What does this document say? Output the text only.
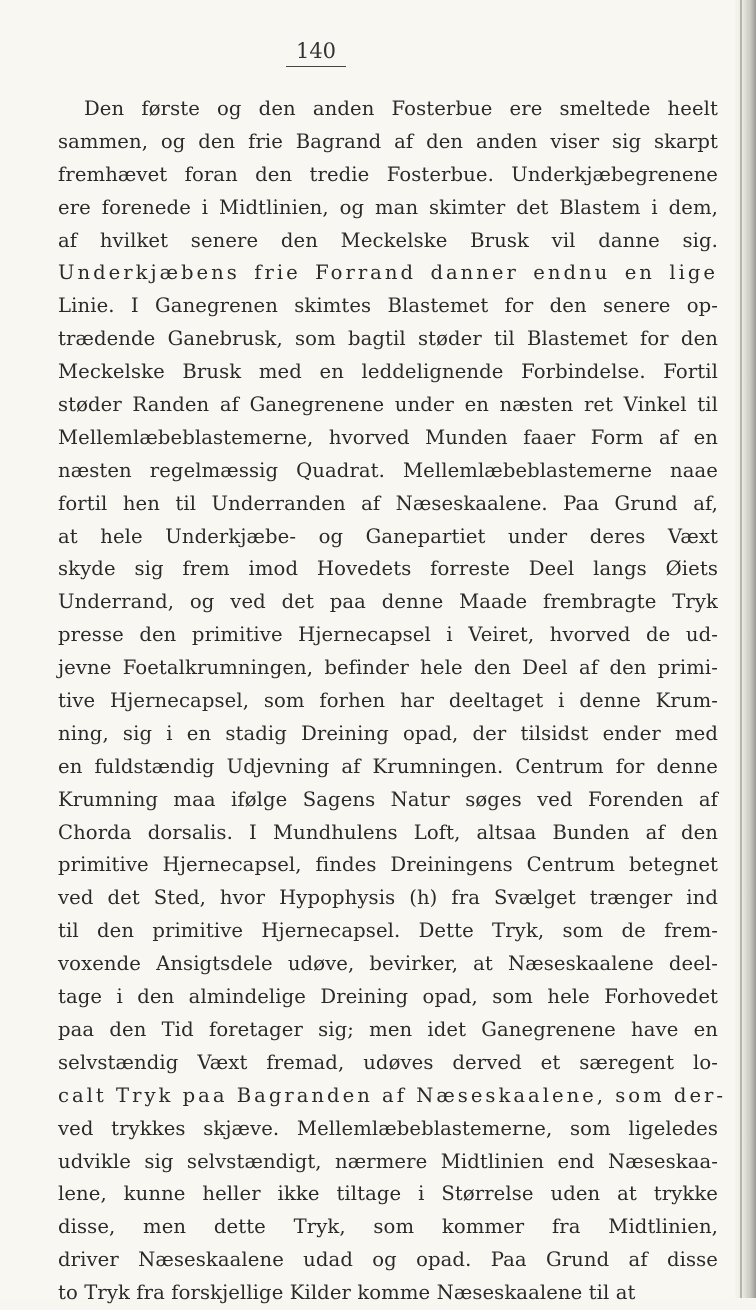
140
Den første og den anden Fosterbue ere smeltede heelt
sammen, og den frie Bagrand af den anden viser sig skarpt
fremhævet foran den tredie Fosterbue. Underkjæbegrenene
ere forenede i Midtlinien, og man skimter det Blastem i dem,
af hvilket senere den Meckelske Brusk vil danne sig.
Underkjæbens frie Forrand danner endnu en lige
Linie. I Ganegrenen skimtes Blastemet for den senere op-
trædende Ganebrusk, som bagtil støder til Blastemet for den
Meckelske Brusk med en leddelignende Forbindelse. Fortil
støder Randen af Ganegrenene under en næsten ret Vinkel til
Mellemlæbeblastemerne, hvorved Munden faaer Form af en
næsten regelmæssig Quadrat. Mellemlæbeblastemerne naae
fortil hen til Underranden af Næseskaalene. Paa Grund af,
at hele Underkjæbe- og Ganepartiet under deres Væxt
skyde sig frem imod Hovedets forreste Deel langs Øiets
Underrand, og ved det paa denne Maade frembragte Tryk
presse den primitive Hjernecapsel i Veiret, hvorved de ud-
jevne Foetalkrumningen, befinder hele den Deel af den primi-
tive Hjernecapsel, som forhen har deeltaget i denne Krum-
ning, sig i en stadig Dreining opad, der tilsidst ender med
en fuldstændig Udjevning af Krumningen. Centrum for denne
Krumning maa ifølge Sagens Natur søges ved Forenden af
Chorda dorsalis. I Mundhulens Loft, altsaa Bunden af den
primitive Hjernecapsel, findes Dreiningens Centrum betegnet
ved det Sted, hvor Hypophysis (h) fra Svælget trænger ind
til den primitive Hjernecapsel. Dette Tryk, som de frem-
voxende Ansigtsdele udøve, bevirker, at Næseskaalene deel-
tage i den almindelige Dreining opad, som hele Forhovedet
paa den Tid foretager sig; men idet Ganegrenene have en
selvstændig Væxt fremad, udøves derved et særegent lo-
calt Tryk paa Bagranden af Næseskaalene, som der-
ved trykkes skjæve. Mellemlæbeblastemerne, som ligeledes
udvikle sig selvstændigt, nærmere Midtlinien end Næseskaa-
lene, kunne heller ikke tiltage i Størrelse uden at trykke
disse, men dette Tryk, som kommer fra Midtlinien,
driver Næseskaalene udad og opad. Paa Grund af disse
to Tryk fra forskjellige Kilder komme Næseskaalene til at
